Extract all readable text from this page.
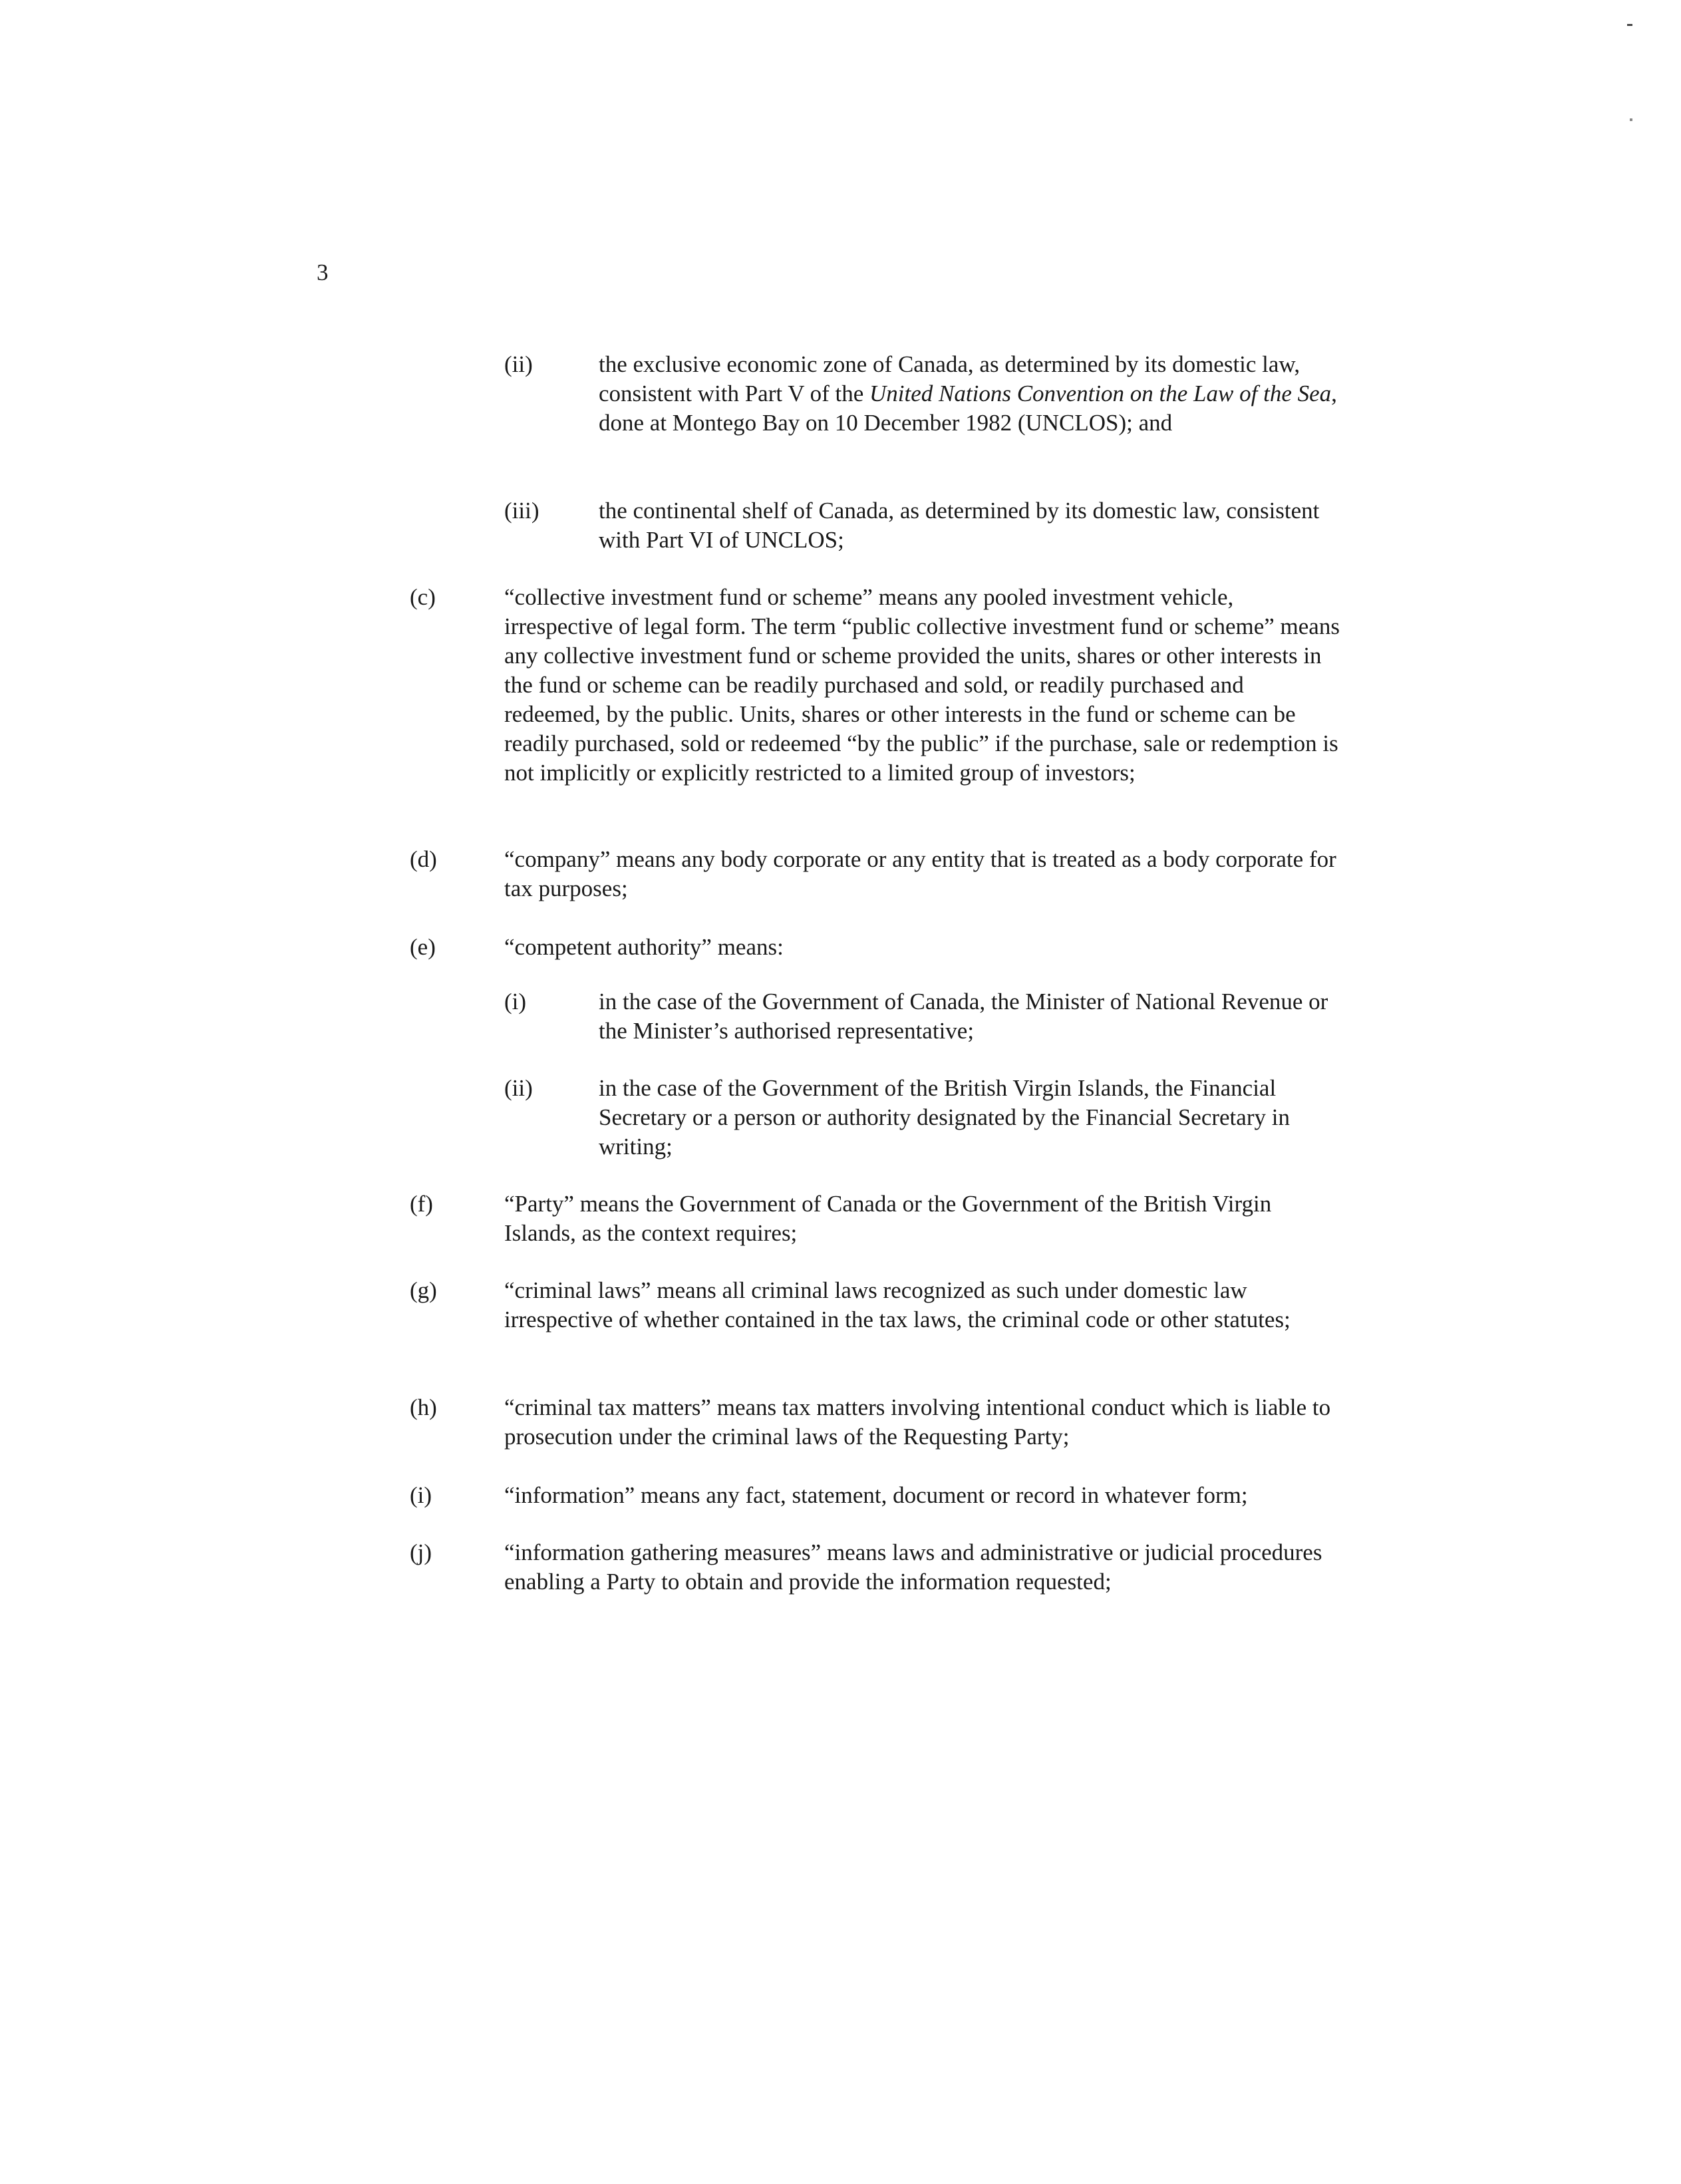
3
(ii)	the exclusive economic zone of Canada, as determined by its domestic law, consistent with Part V of the United Nations Convention on the Law of the Sea, done at Montego Bay on 10 December 1982 (UNCLOS); and

(iii)	the continental shelf of Canada, as determined by its domestic law, consistent with Part VI of UNCLOS;

(c)	“collective investment fund or scheme” means any pooled investment vehicle, irrespective of legal form. The term “public collective investment fund or scheme” means any collective investment fund or scheme provided the units, shares or other interests in the fund or scheme can be readily purchased and sold, or readily purchased and redeemed, by the public. Units, shares or other interests in the fund or scheme can be readily purchased, sold or redeemed “by the public” if the purchase, sale or redemption is not implicitly or explicitly restricted to a limited group of investors;

(d)	“company” means any body corporate or any entity that is treated as a body corporate for tax purposes;

(e)	“competent authority” means:

(i)	in the case of the Government of Canada, the Minister of National Revenue or the Minister’s authorised representative;

(ii)	in the case of the Government of the British Virgin Islands, the Financial Secretary or a person or authority designated by the Financial Secretary in writing;

(f)	“Party” means the Government of Canada or the Government of the British Virgin Islands, as the context requires;

(g)	“criminal laws” means all criminal laws recognized as such under domestic law irrespective of whether contained in the tax laws, the criminal code or other statutes;

(h)	“criminal tax matters” means tax matters involving intentional conduct which is liable to prosecution under the criminal laws of the Requesting Party;

(i)	“information” means any fact, statement, document or record in whatever form;

(j)	“information gathering measures” means laws and administrative or judicial procedures enabling a Party to obtain and provide the information requested;
